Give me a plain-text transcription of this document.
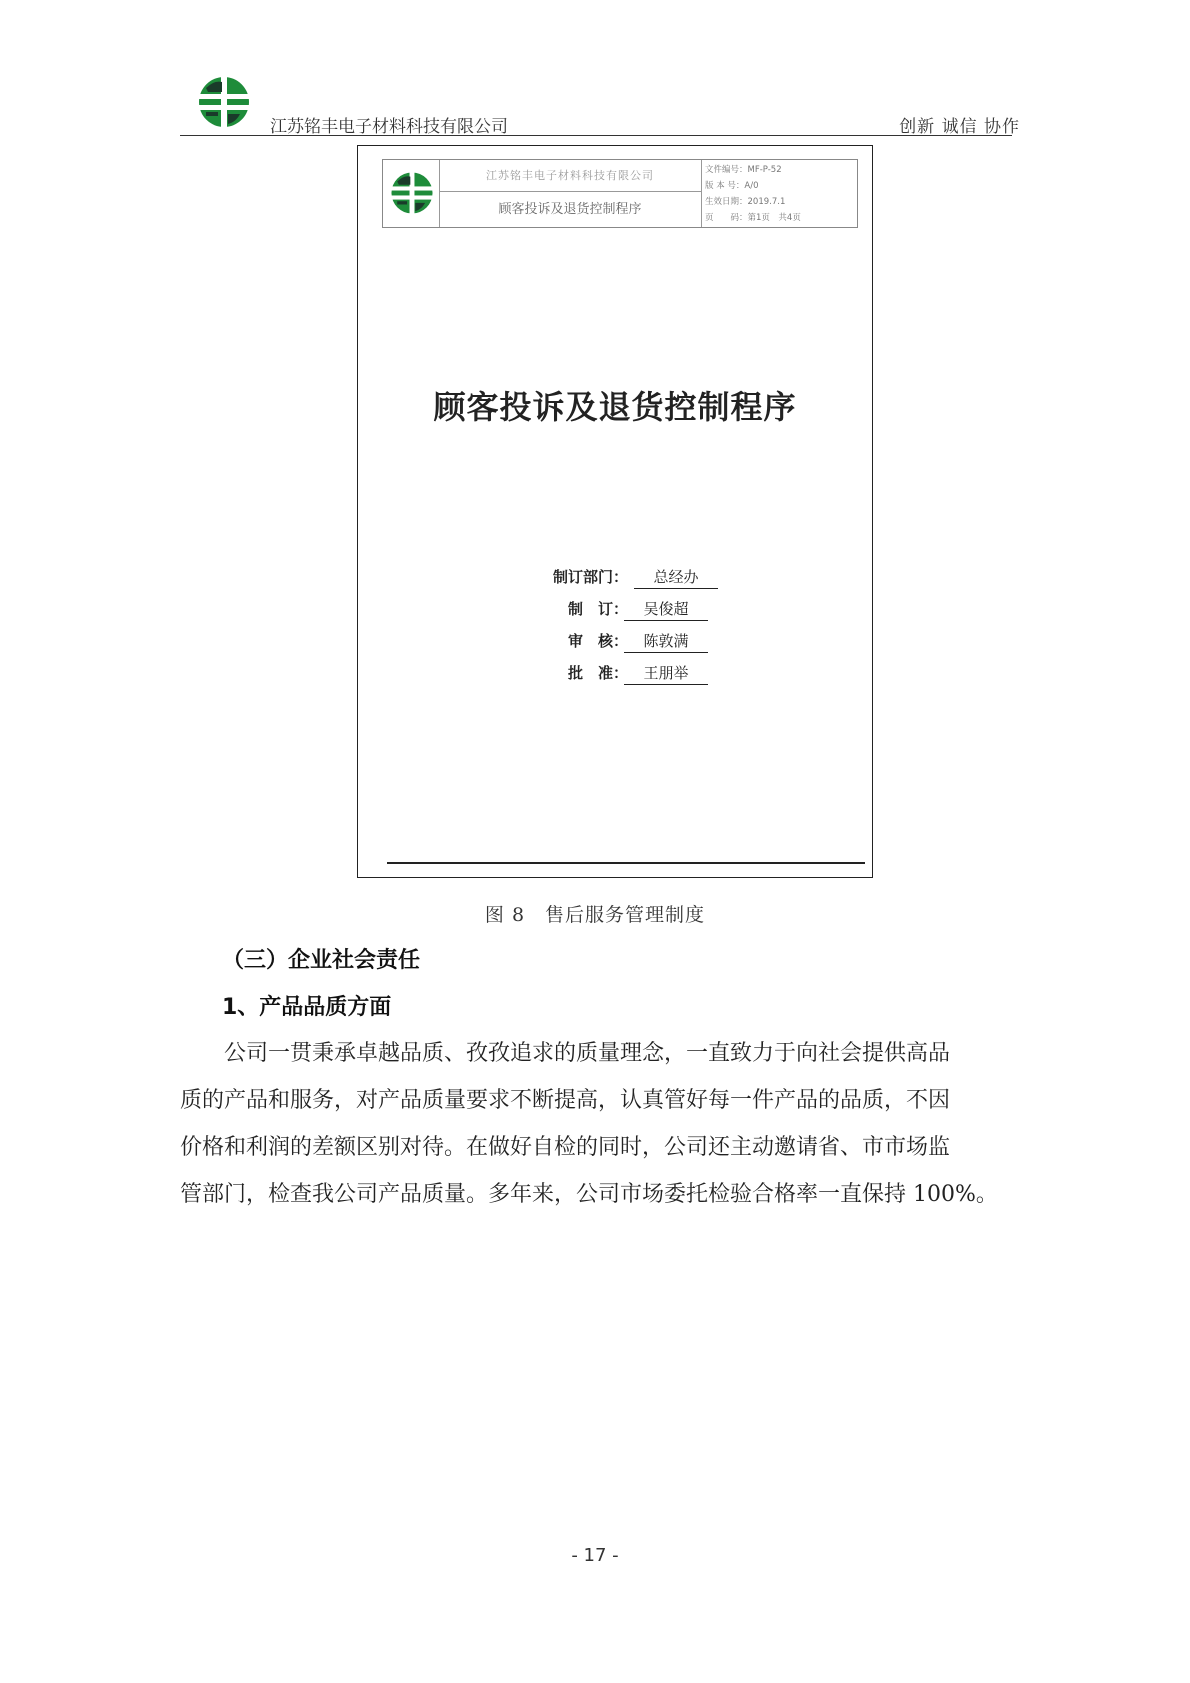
江苏铭丰电子材料科技有限公司	创新 诚信 协作
江苏铭丰电子材料科技有限公司
顾客投诉及退货控制程序
文件编号：MF-P-52
版 本 号：A/0
生效日期：2019.7.1
页　　码：第1页　共4页
顾客投诉及退货控制程序
制订部门：	总经办
制　订：	吴俊超
审　核：	陈敦满
批　准：	王朋举
图 8　售后服务管理制度
（三）企业社会责任
1、产品品质方面
　　公司一贯秉承卓越品质、孜孜追求的质量理念，一直致力于向社会提供高品
质的产品和服务，对产品质量要求不断提高，认真管好每一件产品的品质，不因
价格和利润的差额区别对待。在做好自检的同时，公司还主动邀请省、市市场监
管部门，检查我公司产品质量。多年来，公司市场委托检验合格率一直保持 100%。
- 17 -
